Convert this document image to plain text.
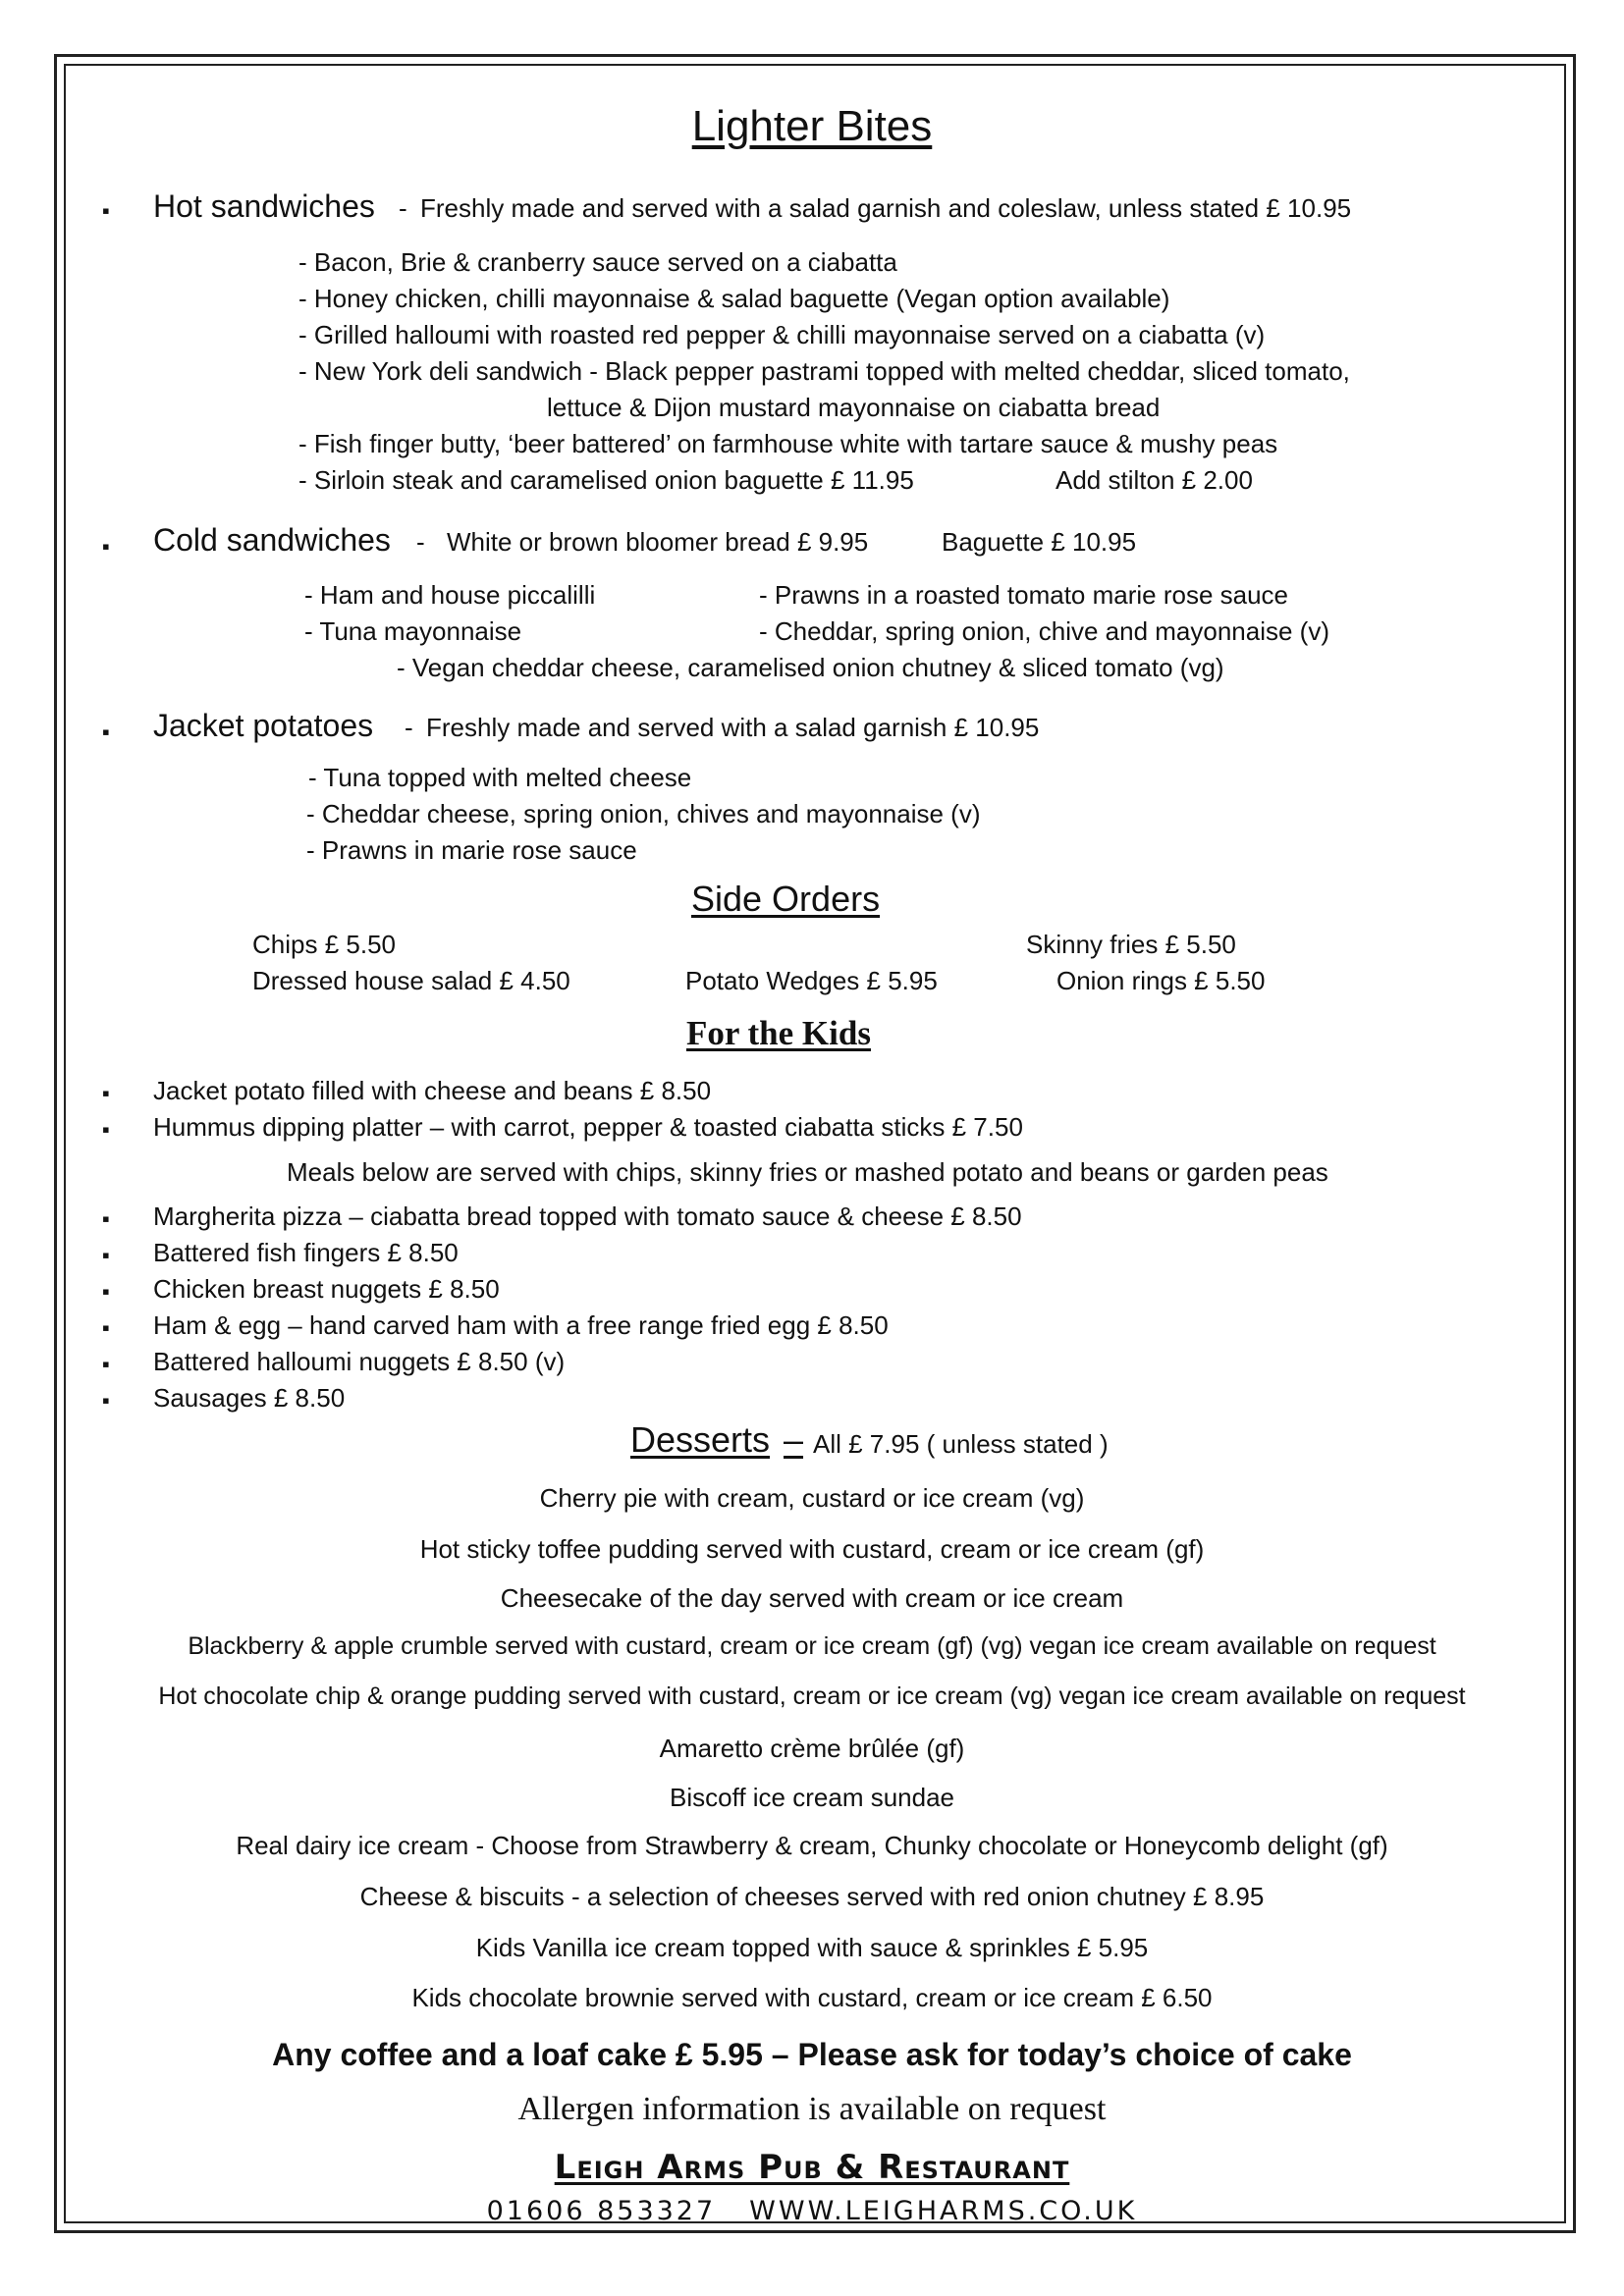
Lighter Bites
▪ Hot sandwiches - Freshly made and served with a salad garnish and coleslaw, unless stated £ 10.95
- Bacon, Brie & cranberry sauce served on a ciabatta
- Honey chicken, chilli mayonnaise & salad baguette (Vegan option available)
- Grilled halloumi with roasted red pepper & chilli mayonnaise served on a ciabatta (v)
- New York deli sandwich - Black pepper pastrami topped with melted cheddar, sliced tomato,
lettuce & Dijon mustard mayonnaise on ciabatta bread
- Fish finger butty, ‘beer battered’ on farmhouse white with tartare sauce & mushy peas
- Sirloin steak and caramelised onion baguette £ 11.95	Add stilton £ 2.00
▪ Cold sandwiches - White or brown bloomer bread £ 9.95	Baguette £ 10.95
- Ham and house piccalilli	- Prawns in a roasted tomato marie rose sauce
- Tuna mayonnaise	- Cheddar, spring onion, chive and mayonnaise (v)
- Vegan cheddar cheese, caramelised onion chutney & sliced tomato (vg)
▪ Jacket potatoes - Freshly made and served with a salad garnish £ 10.95
- Tuna topped with melted cheese
- Cheddar cheese, spring onion, chives and mayonnaise (v)
- Prawns in marie rose sauce
Side Orders
Chips £ 5.50	Skinny fries £ 5.50
Dressed house salad £ 4.50	Potato Wedges £ 5.95	Onion rings £ 5.50
For the Kids
▪ Jacket potato filled with cheese and beans £ 8.50
▪ Hummus dipping platter – with carrot, pepper & toasted ciabatta sticks £ 7.50
Meals below are served with chips, skinny fries or mashed potato and beans or garden peas
▪ Margherita pizza – ciabatta bread topped with tomato sauce & cheese £ 8.50
▪ Battered fish fingers £ 8.50
▪ Chicken breast nuggets £ 8.50
▪ Ham & egg – hand carved ham with a free range fried egg £ 8.50
▪ Battered halloumi nuggets £ 8.50 (v)
▪ Sausages £ 8.50
Desserts – All £ 7.95 ( unless stated )
Cherry pie with cream, custard or ice cream (vg)
Hot sticky toffee pudding served with custard, cream or ice cream (gf)
Cheesecake of the day served with cream or ice cream
Blackberry & apple crumble served with custard, cream or ice cream (gf) (vg) vegan ice cream available on request
Hot chocolate chip & orange pudding served with custard, cream or ice cream (vg) vegan ice cream available on request
Amaretto crème brûlée (gf)
Biscoff ice cream sundae
Real dairy ice cream - Choose from Strawberry & cream, Chunky chocolate or Honeycomb delight (gf)
Cheese & biscuits - a selection of cheeses served with red onion chutney £ 8.95
Kids Vanilla ice cream topped with sauce & sprinkles £ 5.95
Kids chocolate brownie served with custard, cream or ice cream £ 6.50
Any coffee and a loaf cake £ 5.95 – Please ask for today’s choice of cake
Allergen information is available on request
Leigh Arms Pub & Restaurant
01606 853327 WWW.LEIGHARMS.CO.UK
